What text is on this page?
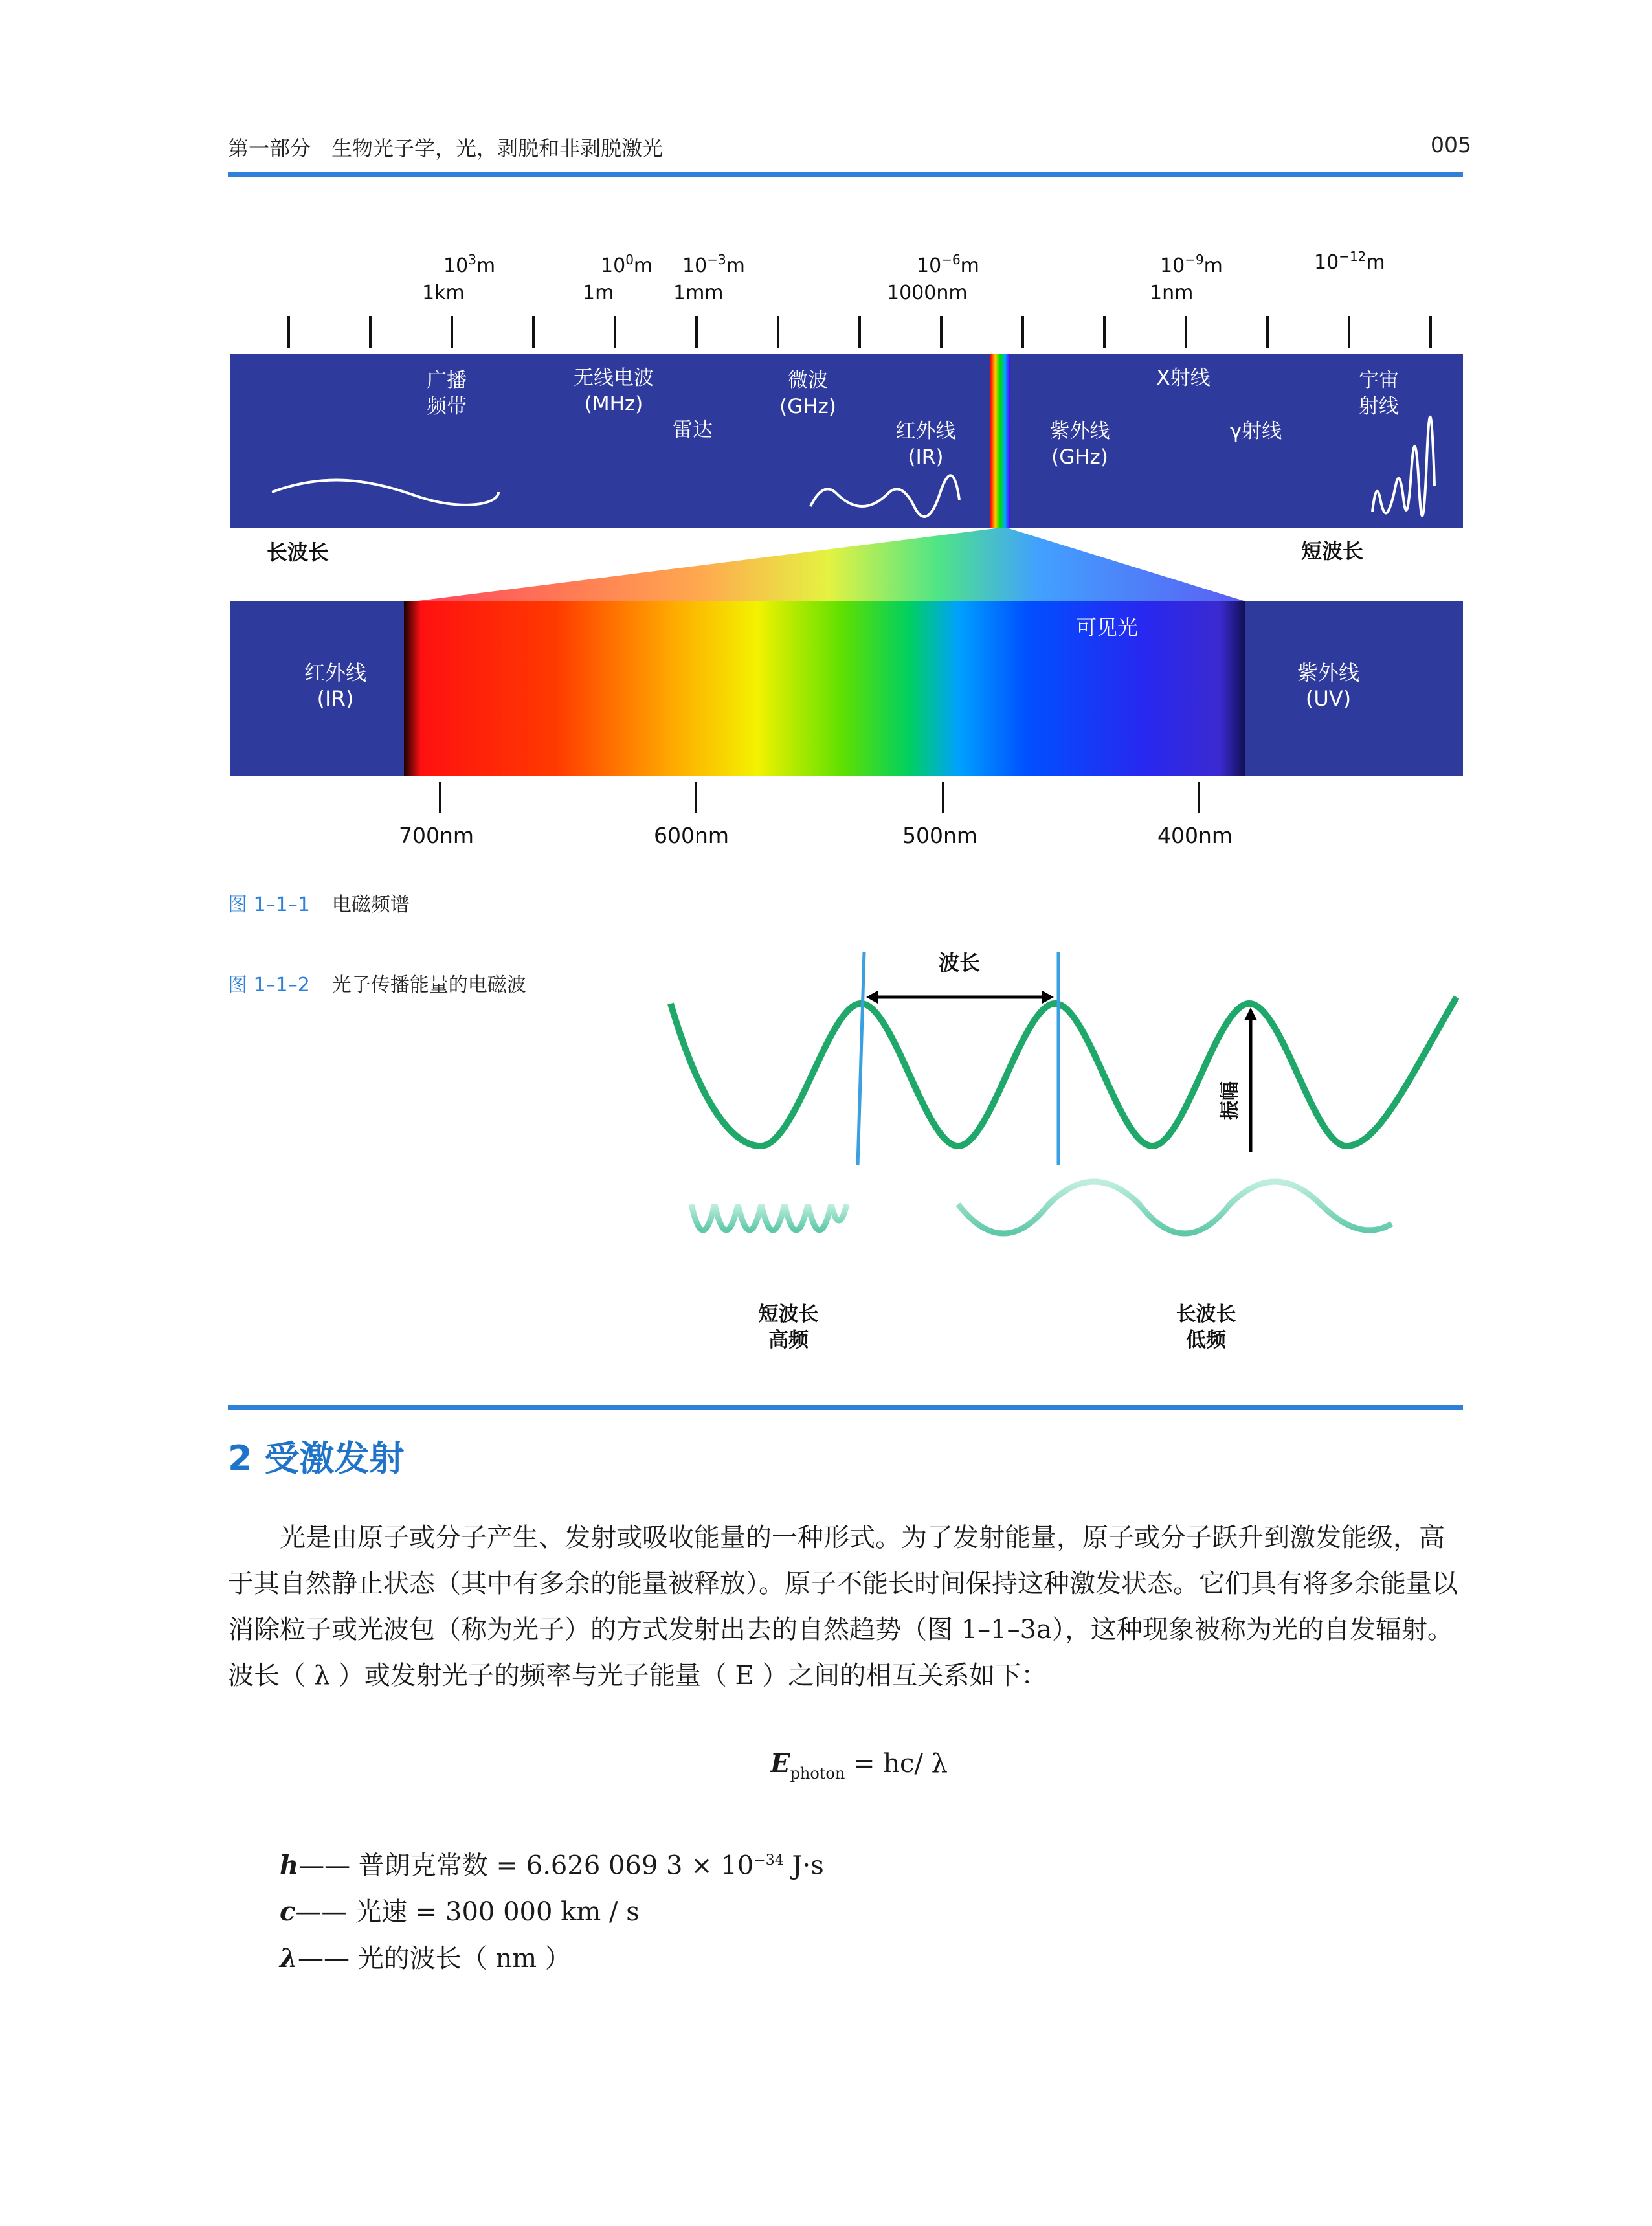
第一部分　生物光子学，光，剥脱和非剥脱激光	005
$10^3m$
1km
$10^0m$
1m
$10^{-3}m$
1mm
$10^{-6}m$
1000nm
$10^{-9}m$
1nm
$10^{-12}m$
广播
频带
无线电波
(MHz)
雷达
微波
(GHz)
红外线
(IR)
紫外线
(GHz)
X射线
γ射线
宇宙
射线
长波长	短波长
红外线
(IR)
可见光
紫外线
(UV)
700nm	600nm	500nm	400nm
图 1–1–1 电磁频谱
图 1–1–2 光子传播能量的电磁波
波长
振幅
短波长
高频
长波长
低频
2 受激发射
光是由原子或分子产生、发射或吸收能量的一种形式。为了发射能量，原子或分子跃升到激发能级，高于其自然静止状态（其中有多余的能量被释放）。原子不能长时间保持这种激发状态。它们具有将多余能量以消除粒子或光波包（称为光子）的方式发射出去的自然趋势（图 1–1–3a），这种现象被称为光的自发辐射。波长（ λ ）或发射光子的频率与光子能量（ E ）之间的相互关系如下：
$E_{photon} = hc/$ λ
h—— 普朗克常数 = 6.626 069 $3 \times 10^{-34}$ J·s
c—— 光速 = 300 000 km / s
λ—— 光的波长（ nm ）
